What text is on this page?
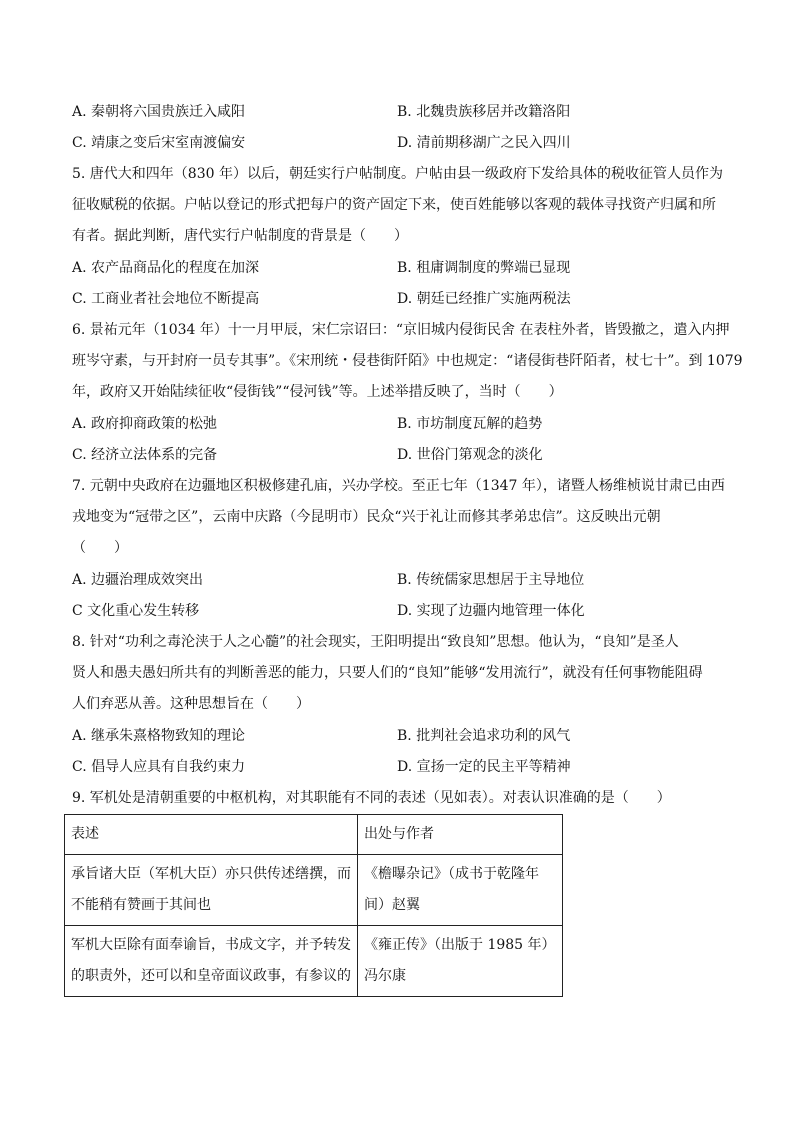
A. 秦朝将六国贵族迁入咸阳	B. 北魏贵族移居并改籍洛阳
C. 靖康之变后宋室南渡偏安	D. 清前期移湖广之民入四川
5. 唐代大和四年（830 年）以后，朝廷实行户帖制度。户帖由县一级政府下发给具体的税收征管人员作为
征收赋税的依据。户帖以登记的形式把每户的资产固定下来，使百姓能够以客观的载体寻找资产归属和所
有者。据此判断，唐代实行户帖制度的背景是（　　）
A. 农产品商品化的程度在加深	B. 租庸调制度的弊端已显现
C. 工商业者社会地位不断提高	D. 朝廷已经推广实施两税法
6. 景祐元年（1034 年）十一月甲辰，宋仁宗诏曰：“京旧城内侵街民舍 在表柱外者，皆毁撤之，遣入内押
班岑守素，与开封府一员专其事”。《宋刑统・侵巷街阡陌》中也规定：“诸侵街巷阡陌者，杖七十”。到 1079
年，政府又开始陆续征收“侵街钱”“侵河钱”等。上述举措反映了，当时（　　）
A. 政府抑商政策的松弛	B. 市坊制度瓦解的趋势
C. 经济立法体系的完备	D. 世俗门第观念的淡化
7. 元朝中央政府在边疆地区积极修建孔庙，兴办学校。至正七年（1347 年），诸暨人杨维桢说甘肃已由西
戎地变为“冠带之区”，云南中庆路（今昆明市）民众“兴于礼让而修其孝弟忠信”。这反映出元朝
（　　）
A. 边疆治理成效突出	B. 传统儒家思想居于主导地位
C 文化重心发生转移	D. 实现了边疆内地管理一体化
8. 针对“功利之毒沦浃于人之心髓”的社会现实，王阳明提出“致良知”思想。他认为，“良知”是圣人
贤人和愚夫愚妇所共有的判断善恶的能力，只要人们的“良知”能够“发用流行”，就没有任何事物能阻碍
人们弃恶从善。这种思想旨在（　　）
A. 继承朱熹格物致知的理论	B. 批判社会追求功利的风气
C. 倡导人应具有自我约束力	D. 宣扬一定的民主平等精神
9. 军机处是清朝重要的中枢机构，对其职能有不同的表述（见如表）。对表认识准确的是（　　）
表述	出处与作者

承旨诸大臣（军机大臣）亦只供传述缮撰，而
不能稍有赞画于其间也	《檐曝杂记》（成书于乾隆年
间）赵翼

军机大臣除有面奉谕旨，书成文字，并予转发
的职责外，还可以和皇帝面议政事，有参议的	《雍正传》（出版于 1985 年）
冯尔康
